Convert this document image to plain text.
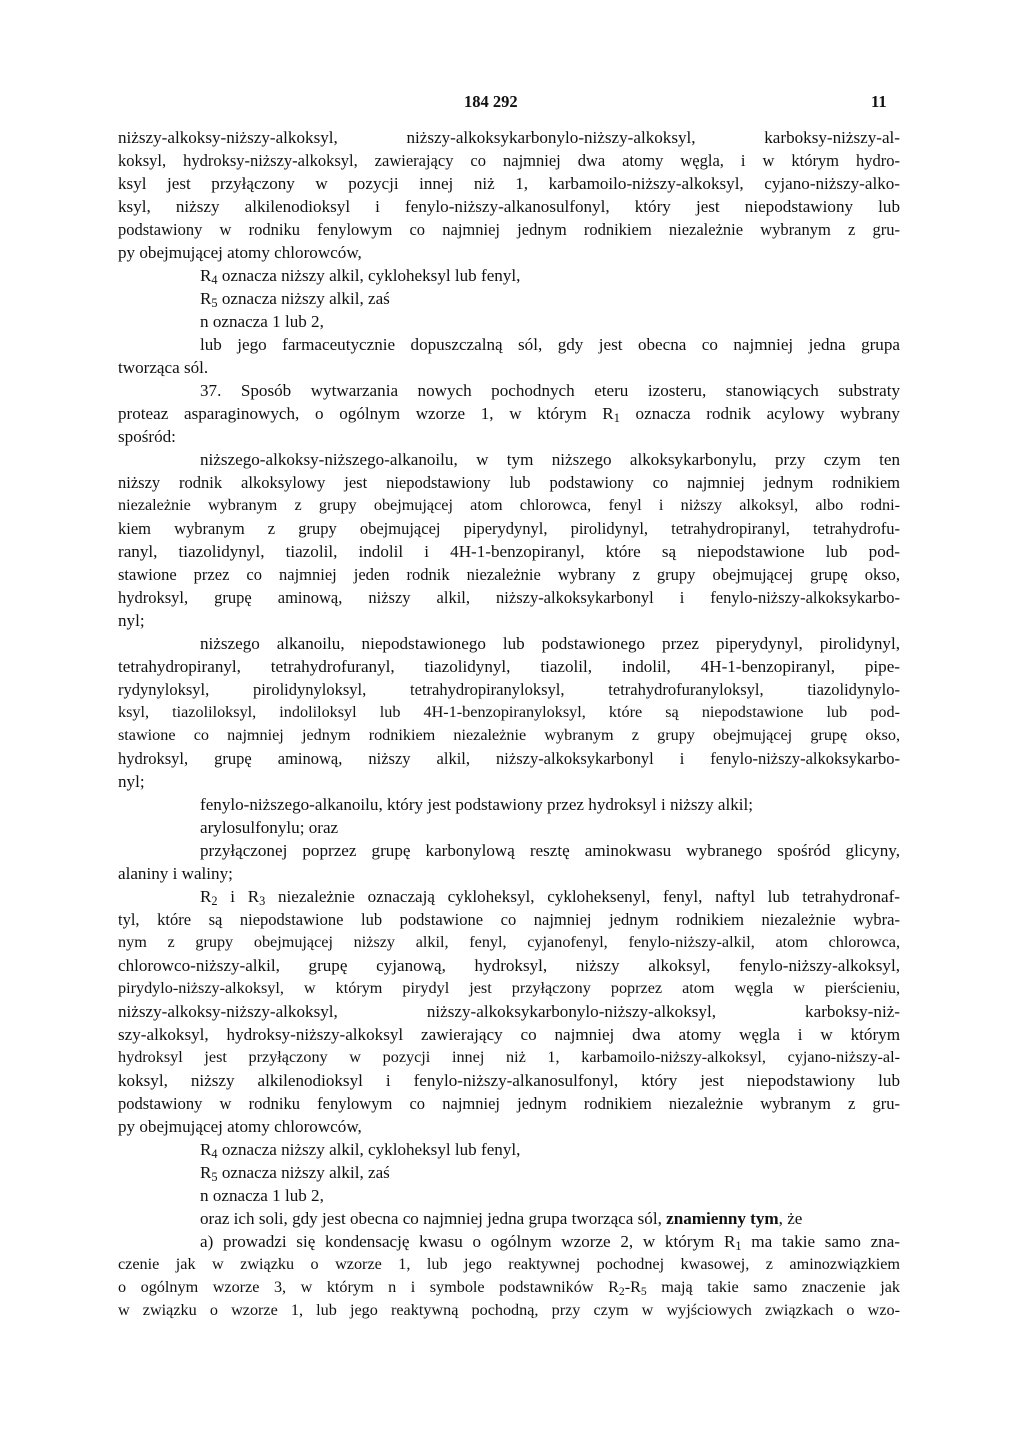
184 292	11
niższy-alkoksy-niższy-alkoksyl, niższy-alkoksykarbonylo-niższy-alkoksyl, karboksy-niższy-al-
koksyl, hydroksy-niższy-alkoksyl, zawierający co najmniej dwa atomy węgla, i w którym hydro-
ksyl jest przyłączony w pozycji innej niż 1, karbamoilo-niższy-alkoksyl, cyjano-niższy-alko-
ksyl, niższy alkilenodioksyl i fenylo-niższy-alkanosulfonyl, który jest niepodstawiony lub
podstawiony w rodniku fenylowym co najmniej jednym rodnikiem niezależnie wybranym z gru-
py obejmującej atomy chlorowców,
$R_4$ oznacza niższy alkil, cykloheksyl lub fenyl,
$R_5$ oznacza niższy alkil, zaś
n oznacza 1 lub 2,
lub jego farmaceutycznie dopuszczalną sól, gdy jest obecna co najmniej jedna grupa
tworząca sól.
37. Sposób wytwarzania nowych pochodnych eteru izosteru, stanowiących substraty
proteaz asparaginowych, o ogólnym wzorze 1, w którym $R_1$ oznacza rodnik acylowy wybrany
spośród:
niższego-alkoksy-niższego-alkanoilu, w tym niższego alkoksykarbonylu, przy czym ten
niższy rodnik alkoksylowy jest niepodstawiony lub podstawiony co najmniej jednym rodnikiem
niezależnie wybranym z grupy obejmującej atom chlorowca, fenyl i niższy alkoksyl, albo rodni-
kiem wybranym z grupy obejmującej piperydynyl, pirolidynyl, tetrahydropiranyl, tetrahydrofu-
ranyl, tiazolidynyl, tiazolil, indolil i 4H-1-benzopiranyl, które są niepodstawione lub pod-
stawione przez co najmniej jeden rodnik niezależnie wybrany z grupy obejmującej grupę okso,
hydroksyl, grupę aminową, niższy alkil, niższy-alkoksykarbonyl i fenylo-niższy-alkoksykarbo-
nyl;
niższego alkanoilu, niepodstawionego lub podstawionego przez piperydynyl, pirolidynyl,
tetrahydropiranyl, tetrahydrofuranyl, tiazolidynyl, tiazolil, indolil, 4H-1-benzopiranyl, pipe-
rydynyloksyl, pirolidynyloksyl, tetrahydropiranyloksyl, tetrahydrofuranyloksyl, tiazolidynylo-
ksyl, tiazoliloksyl, indoliloksyl lub 4H-1-benzopiranyloksyl, które są niepodstawione lub pod-
stawione co najmniej jednym rodnikiem niezależnie wybranym z grupy obejmującej grupę okso,
hydroksyl, grupę aminową, niższy alkil, niższy-alkoksykarbonyl i fenylo-niższy-alkoksykarbo-
nyl;
fenylo-niższego-alkanoilu, który jest podstawiony przez hydroksyl i niższy alkil;
arylosulfonylu; oraz
przyłączonej poprzez grupę karbonylową resztę aminokwasu wybranego spośród glicyny,
alaniny i waliny;
$R_2$ i $R_3$ niezależnie oznaczają cykloheksyl, cykloheksenyl, fenyl, naftyl lub tetrahydronaf-
tyl, które są niepodstawione lub podstawione co najmniej jednym rodnikiem niezależnie wybra-
nym z grupy obejmującej niższy alkil, fenyl, cyjanofenyl, fenylo-niższy-alkil, atom chlorowca,
chlorowco-niższy-alkil, grupę cyjanową, hydroksyl, niższy alkoksyl, fenylo-niższy-alkoksyl,
pirydylo-niższy-alkoksyl, w którym pirydyl jest przyłączony poprzez atom węgla w pierścieniu,
niższy-alkoksy-niższy-alkoksyl, niższy-alkoksykarbonylo-niższy-alkoksyl, karboksy-niż-
szy-alkoksyl, hydroksy-niższy-alkoksyl zawierający co najmniej dwa atomy węgla i w którym
hydroksyl jest przyłączony w pozycji innej niż 1, karbamoilo-niższy-alkoksyl, cyjano-niższy-al-
koksyl, niższy alkilenodioksyl i fenylo-niższy-alkanosulfonyl, który jest niepodstawiony lub
podstawiony w rodniku fenylowym co najmniej jednym rodnikiem niezależnie wybranym z gru-
py obejmującej atomy chlorowców,
$R_4$ oznacza niższy alkil, cykloheksyl lub fenyl,
$R_5$ oznacza niższy alkil, zaś
n oznacza 1 lub 2,
oraz ich soli, gdy jest obecna co najmniej jedna grupa tworząca sól, znamienny tym, że
a) prowadzi się kondensację kwasu o ogólnym wzorze 2, w którym $R_1$ ma takie samo zna-
czenie jak w związku o wzorze 1, lub jego reaktywnej pochodnej kwasowej, z aminozwiązkiem
o ogólnym wzorze 3, w którym n i symbole podstawników $R_2-R_5$ mają takie samo znaczenie jak
w związku o wzorze 1, lub jego reaktywną pochodną, przy czym w wyjściowych związkach o wzo-
